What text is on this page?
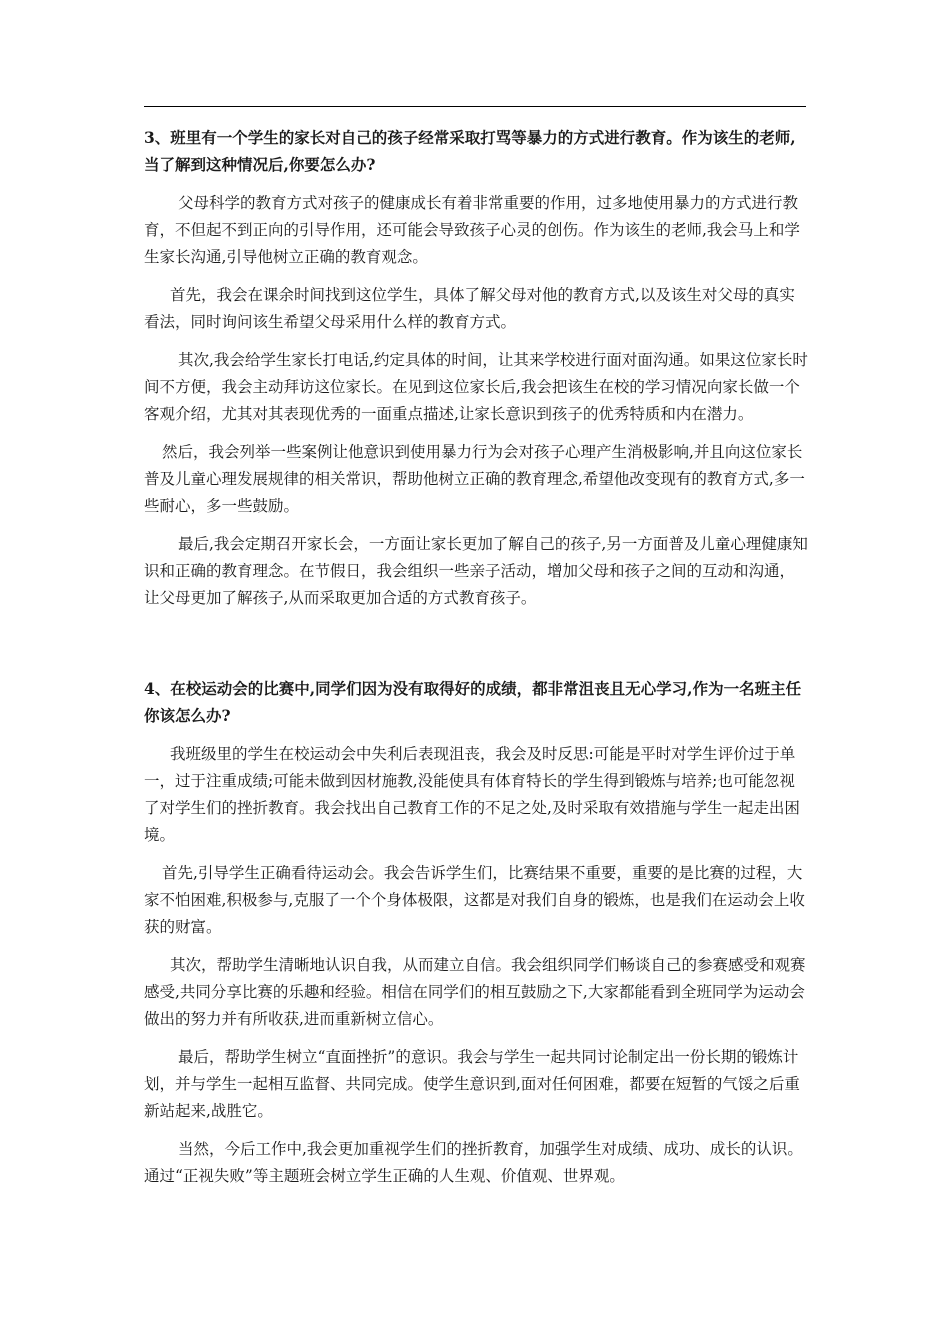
3、班里有一个学生的家长对自己的孩子经常采取打骂等暴力的方式进行教育。作为该生的老师,当了解到这种情况后,你要怎么办?

父母科学的教育方式对孩子的健康成长有着非常重要的作用，过多地使用暴力的方式进行教育，不但起不到正向的引导作用，还可能会导致孩子心灵的创伤。作为该生的老师,我会马上和学生家长沟通,引导他树立正确的教育观念。

首先，我会在课余时间找到这位学生，具体了解父母对他的教育方式,以及该生对父母的真实看法，同时询问该生希望父母采用什么样的教育方式。

其次,我会给学生家长打电话,约定具体的时间，让其来学校进行面对面沟通。如果这位家长时间不方便，我会主动拜访这位家长。在见到这位家长后,我会把该生在校的学习情况向家长做一个客观介绍，尤其对其表现优秀的一面重点描述,让家长意识到孩子的优秀特质和内在潜力。

然后，我会列举一些案例让他意识到使用暴力行为会对孩子心理产生消极影响,并且向这位家长普及儿童心理发展规律的相关常识，帮助他树立正确的教育理念,希望他改变现有的教育方式,多一些耐心，多一些鼓励。

最后,我会定期召开家长会，一方面让家长更加了解自己的孩子,另一方面普及儿童心理健康知识和正确的教育理念。在节假日，我会组织一些亲子活动，增加父母和孩子之间的互动和沟通，让父母更加了解孩子,从而采取更加合适的方式教育孩子。

4、在校运动会的比赛中,同学们因为没有取得好的成绩，都非常沮丧且无心学习,作为一名班主任你该怎么办?

我班级里的学生在校运动会中失利后表现沮丧，我会及时反思:可能是平时对学生评价过于单一，过于注重成绩;可能未做到因材施教,没能使具有体育特长的学生得到锻炼与培养;也可能忽视了对学生们的挫折教育。我会找出自己教育工作的不足之处,及时采取有效措施与学生一起走出困境。

首先,引导学生正确看待运动会。我会告诉学生们，比赛结果不重要，重要的是比赛的过程，大家不怕困难,积极参与,克服了一个个身体极限，这都是对我们自身的锻炼，也是我们在运动会上收获的财富。

其次，帮助学生清晰地认识自我，从而建立自信。我会组织同学们畅谈自己的参赛感受和观赛感受,共同分享比赛的乐趣和经验。相信在同学们的相互鼓励之下,大家都能看到全班同学为运动会做出的努力并有所收获,进而重新树立信心。

最后，帮助学生树立“直面挫折”的意识。我会与学生一起共同讨论制定出一份长期的锻炼计划，并与学生一起相互监督、共同完成。使学生意识到,面对任何困难，都要在短暂的气馁之后重新站起来,战胜它。

当然，今后工作中,我会更加重视学生们的挫折教育，加强学生对成绩、成功、成长的认识。通过“正视失败”等主题班会树立学生正确的人生观、价值观、世界观。
